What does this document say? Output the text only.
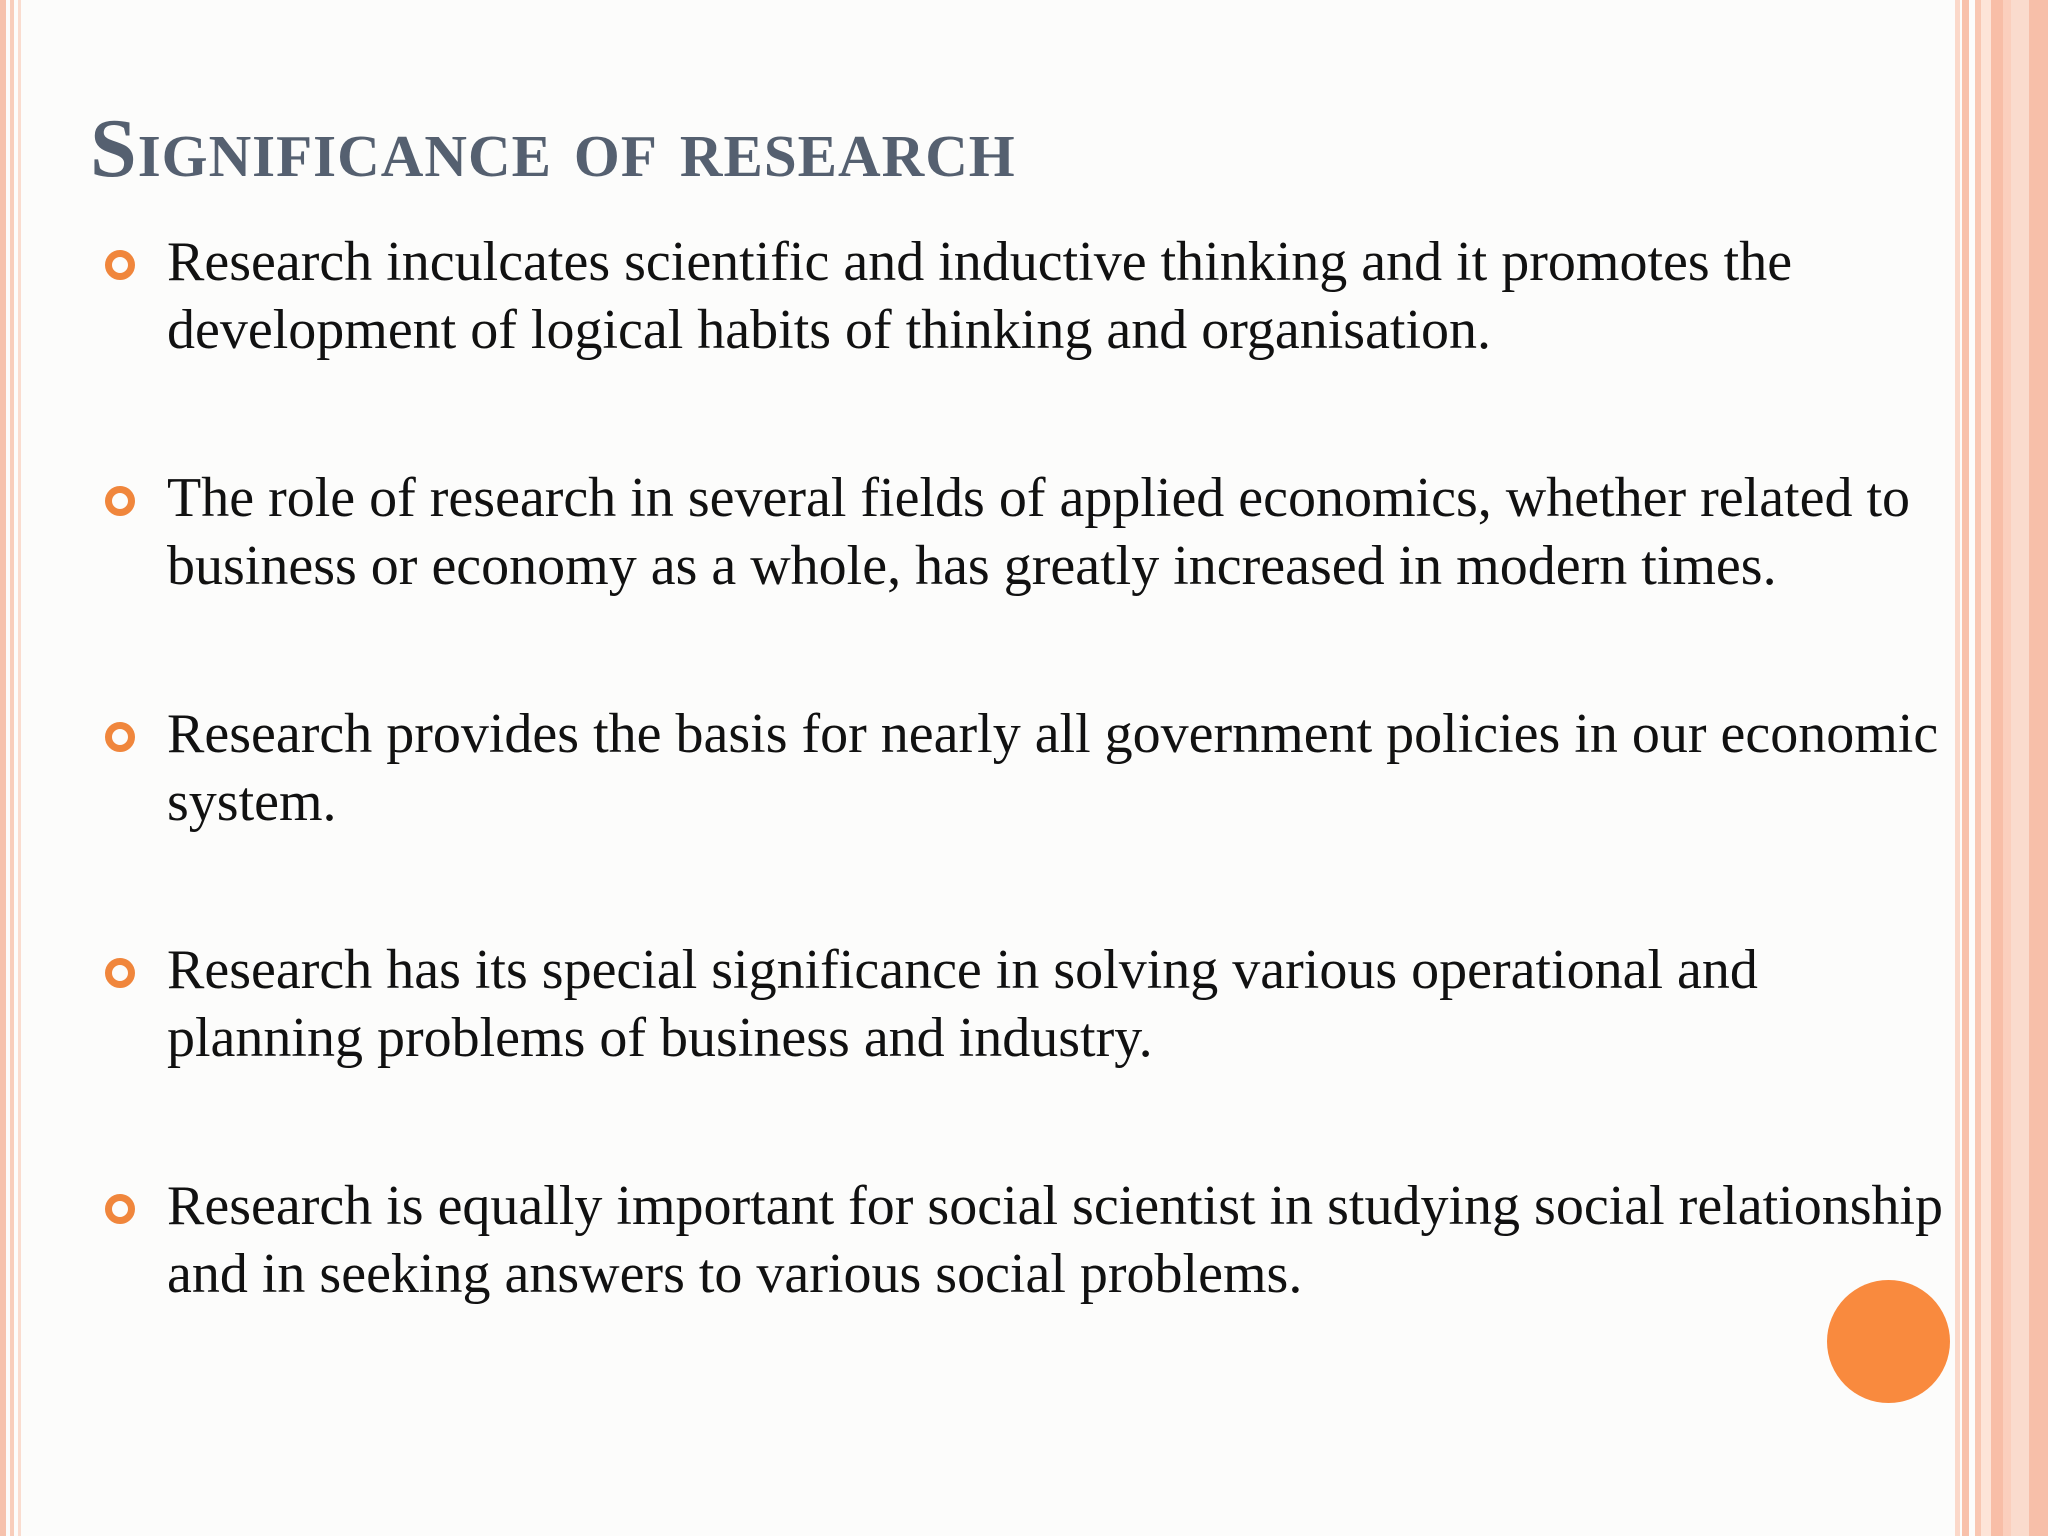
Significance of research
Research inculcates scientific and inductive thinking and it promotes the development of logical habits of thinking and organisation.
The role of research in several fields of applied economics, whether related to business or economy as a whole, has greatly increased in modern times.
Research provides the basis for nearly all government policies in our economic system.
Research has its special significance in solving various operational and planning problems of business and industry.
Research is equally important for social scientist in studying social relationship and in seeking answers to various social problems.
